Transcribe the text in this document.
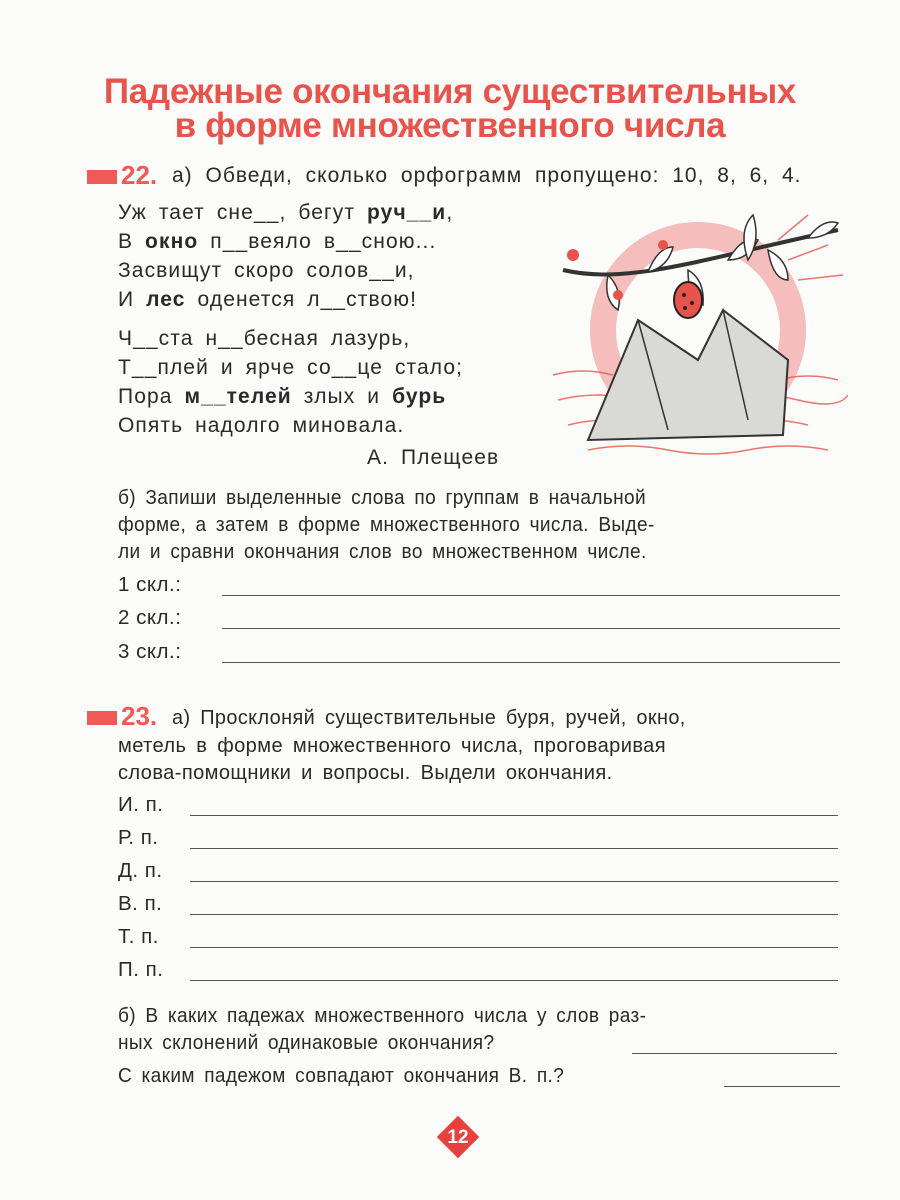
Падежные окончания существительных
в форме множественного числа
22. а) Обведи, сколько орфограмм пропущено: 10, 8, 6, 4.
Уж тает сне__, бегут руч__и,
В окно п__веяло в__сною...
Засвищут скоро солов__и,
И лес оденется л__ствою!
Ч__ста н__бесная лазурь,
Т__плей и ярче со__це стало;
Пора м__телей злых и бурь
Опять надолго миновала.
А. Плещеев
б) Запиши выделенные слова по группам в начальной
форме, а затем в форме множественного числа. Выде-
ли и сравни окончания слов во множественном числе.
1 скл.:
2 скл.:
3 скл.:
23. а) Просклоняй существительные буря, ручей, окно,
метель в форме множественного числа, проговаривая
слова-помощники и вопросы. Выдели окончания.
И. п.
Р. п.
Д. п.
В. п.
Т. п.
П. п.
б) В каких падежах множественного числа у слов раз-
ных склонений одинаковые окончания?
С каким падежом совпадают окончания В. п.?
12
